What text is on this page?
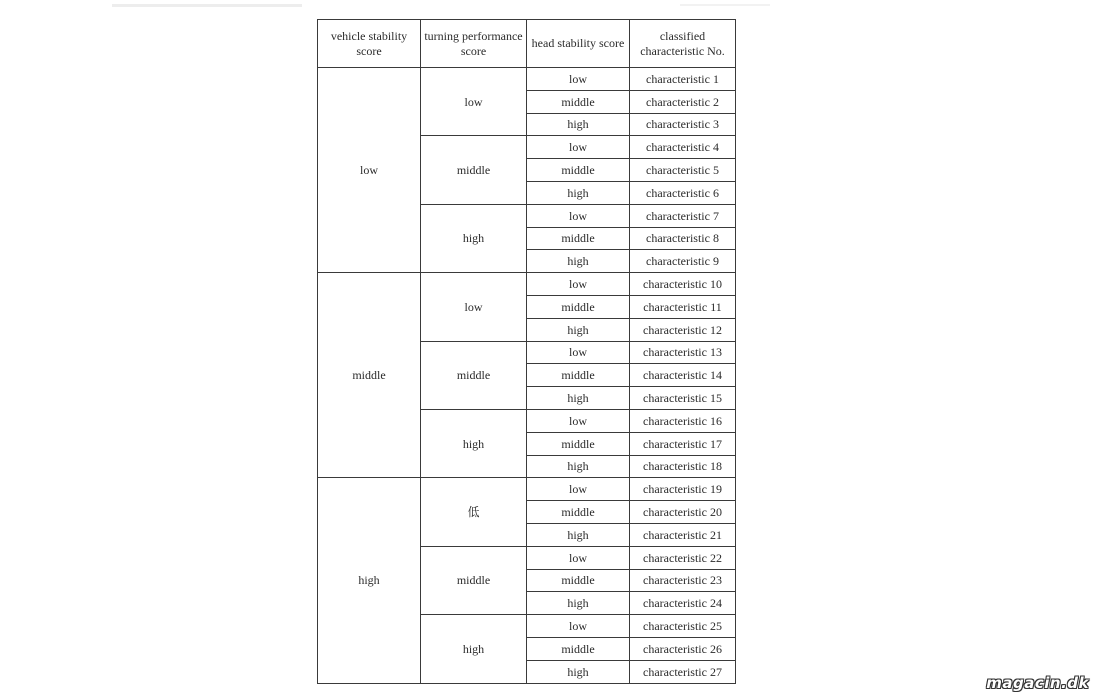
vehicle stability score	turning performance score	head stability score	classified characteristic No.
low	low	low	characteristic 1
		middle	characteristic 2
		high	characteristic 3
	middle	low	characteristic 4
		middle	characteristic 5
		high	characteristic 6
	high	low	characteristic 7
		middle	characteristic 8
		high	characteristic 9
middle	low	low	characteristic 10
		middle	characteristic 11
		high	characteristic 12
	middle	low	characteristic 13
		middle	characteristic 14
		high	characteristic 15
	high	low	characteristic 16
		middle	characteristic 17
		high	characteristic 18
high	低	low	characteristic 19
		middle	characteristic 20
		high	characteristic 21
	middle	low	characteristic 22
		middle	characteristic 23
		high	characteristic 24
	high	low	characteristic 25
		middle	characteristic 26
		high	characteristic 27
magacin.dk
